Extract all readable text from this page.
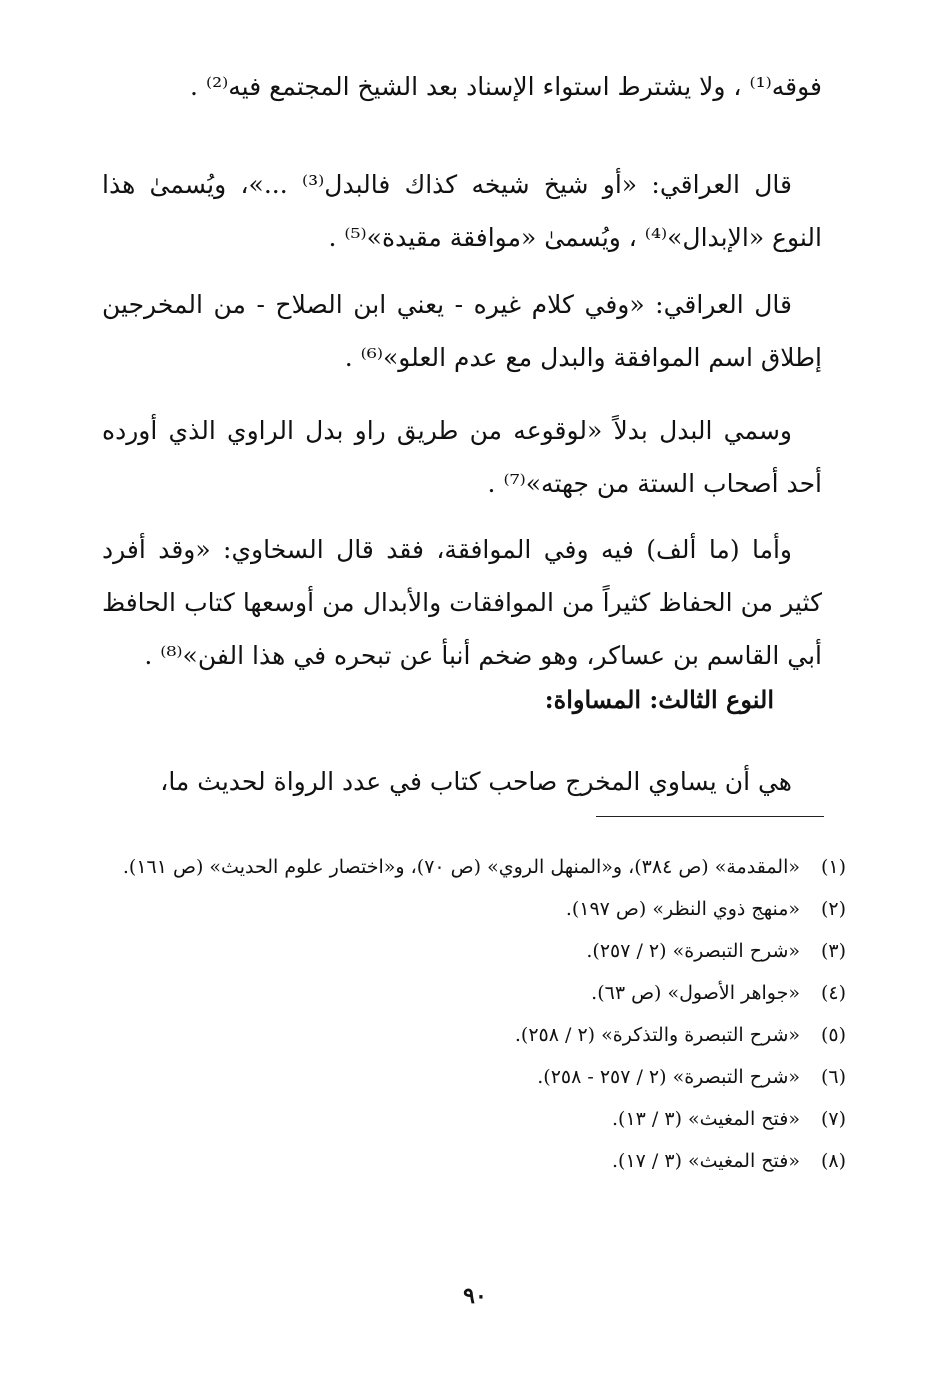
فوقه⁽¹⁾ ، ولا يشترط استواء الإسناد بعد الشيخ المجتمع فيه⁽²⁾ .

قال العراقي: «أو شيخ شيخه كذاك فالبدل⁽³⁾ ...»، ويُسمىٰ هذا النوع «الإبدال»⁽⁴⁾ ، ويُسمىٰ «موافقة مقيدة»⁽⁵⁾ .

قال العراقي: «وفي كلام غيره - يعني ابن الصلاح - من المخرجين إطلاق اسم الموافقة والبدل مع عدم العلو»⁽⁶⁾ .

وسمي البدل بدلاً «لوقوعه من طريق راو بدل الراوي الذي أورده أحد أصحاب الستة من جهته»⁽⁷⁾ .

وأما (ما ألف) فيه وفي الموافقة، فقد قال السخاوي: «وقد أفرد كثير من الحفاظ كثيراً من الموافقات والأبدال من أوسعها كتاب الحافظ أبي القاسم بن عساكر، وهو ضخم أنبأ عن تبحره في هذا الفن»⁽⁸⁾ .

النوع الثالث: المساواة:

هي أن يساوي المخرج صاحب كتاب في عدد الرواة لحديث ما،

(١)
«المقدمة» (ص ٣٨٤)، و«المنهل الروي» (ص ٧٠)، و«اختصار علوم الحديث» (ص ١٦١).
(٢)
«منهج ذوي النظر» (ص ١٩٧).
(٣)
«شرح التبصرة» (٢ / ٢٥٧).
(٤)
«جواهر الأصول» (ص ٦٣).
(٥)
«شرح التبصرة والتذكرة» (٢ / ٢٥٨).
(٦)
«شرح التبصرة» (٢ / ٢٥٧ - ٢٥٨).
(٧)
«فتح المغيث» (٣ / ١٣).
(٨)
«فتح المغيث» (٣ / ١٧).
٩٠
